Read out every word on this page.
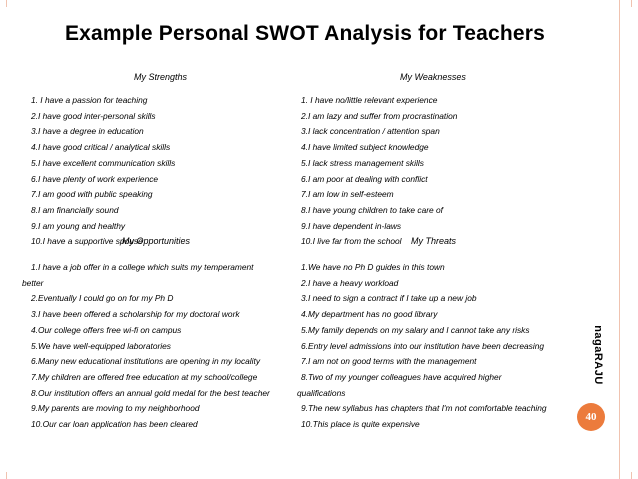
Example Personal SWOT Analysis for Teachers
My Strengths
1. I have a passion for teaching
2.I have good inter-personal skills
3.I have a degree in education
4.I have good critical / analytical skills
5.I have excellent communication skills
6.I have plenty of work experience
7.I am good with public speaking
8.I am financially sound
9.I am young and healthy
10.I have a supportive spouse
My Weaknesses
1. I have no/little relevant experience
2.I am lazy and suffer from procrastination
3.I lack concentration / attention span
4.I have limited subject knowledge
5.I lack stress management skills
6.I am poor at dealing with conflict
7.I am low in self-esteem
8.I have young children to take care of
9.I have dependent in-laws
10.I live far from the school
My Opportunities
1.I have a job offer in a college which suits my temperament
better
2.Eventually I could go on for my Ph D
3.I have been offered a scholarship for my doctoral work
4.Our college offers free wi-fi on campus
5.We have well-equipped laboratories
6.Many new educational institutions are opening in my locality
7.My children are offered free education at my school/college
8.Our institution offers an annual gold medal for the best teacher
9.My parents are moving to my neighborhood
10.Our car loan application has been cleared
My Threats
1.We have no Ph D guides in this town
2.I have a heavy workload
3.I need to sign a contract if I take up a new job
4.My department has no good library
5.My family depends on my salary and I cannot take any risks
6.Entry level admissions into our institution have been decreasing
7.I am not on good terms with the management
8.Two of my younger colleagues have acquired higher
qualifications
9.The new syllabus has chapters that I'm not comfortable teaching
10.This place is quite expensive
nagaRAJU
40
